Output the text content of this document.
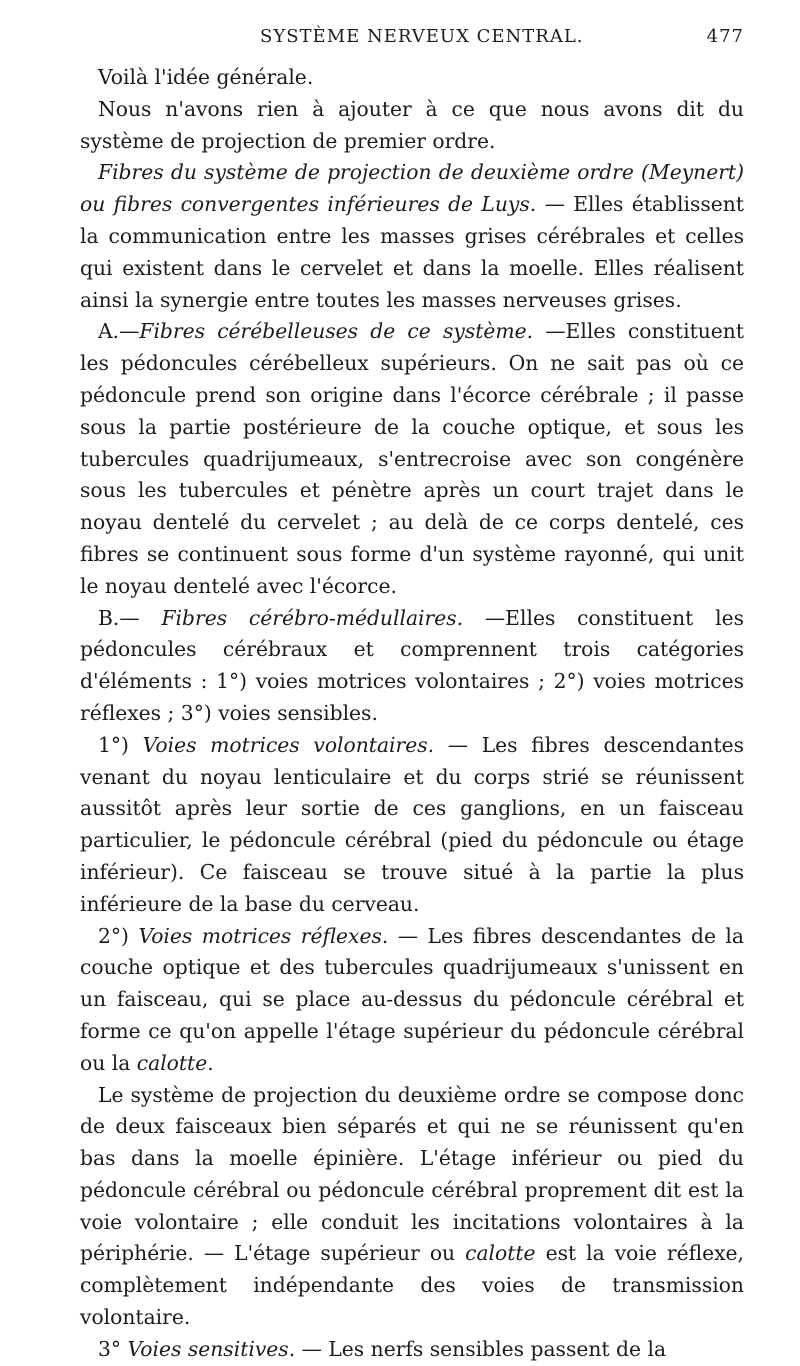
SYSTÈME NERVEUX CENTRAL.	477

Voilà l'idée générale.

Nous n'avons rien à ajouter à ce que nous avons dit du système de projection de premier ordre.

Fibres du système de projection de deuxième ordre (Meynert) ou fibres convergentes inférieures de Luys. — Elles établissent la communication entre les masses grises cérébrales et celles qui existent dans le cervelet et dans la moelle. Elles réalisent ainsi la synergie entre toutes les masses nerveuses grises.

A.—Fibres cérébelleuses de ce système. —Elles constituent les pédoncules cérébelleux supérieurs. On ne sait pas où ce pédoncule prend son origine dans l'écorce cérébrale ; il passe sous la partie postérieure de la couche optique, et sous les tubercules quadrijumeaux, s'entrecroise avec son congénère sous les tubercules et pénètre après un court trajet dans le noyau dentelé du cervelet ; au delà de ce corps dentelé, ces fibres se continuent sous forme d'un système rayonné, qui unit le noyau dentelé avec l'écorce.

B.— Fibres cérébro-médullaires. —Elles constituent les pédoncules cérébraux et comprennent trois catégories d'éléments : 1°) voies motrices volontaires ; 2°) voies motrices réflexes ; 3°) voies sensibles.

1°) Voies motrices volontaires. — Les fibres descendantes venant du noyau lenticulaire et du corps strié se réunissent aussitôt après leur sortie de ces ganglions, en un faisceau particulier, le pédoncule cérébral (pied du pédoncule ou étage inférieur). Ce faisceau se trouve situé à la partie la plus inférieure de la base du cerveau.

2°) Voies motrices réflexes. — Les fibres descendantes de la couche optique et des tubercules quadrijumeaux s'unissent en un faisceau, qui se place au-dessus du pédoncule cérébral et forme ce qu'on appelle l'étage supérieur du pédoncule cérébral ou la calotte.

Le système de projection du deuxième ordre se compose donc de deux faisceaux bien séparés et qui ne se réunissent qu'en bas dans la moelle épinière. L'étage inférieur ou pied du pédoncule cérébral ou pédoncule cérébral proprement dit est la voie volontaire ; elle conduit les incitations volontaires à la périphérie. — L'étage supérieur ou calotte est la voie réflexe, complètement indépendante des voies de transmission volontaire.

3° Voies sensitives. — Les nerfs sensibles passent de la
